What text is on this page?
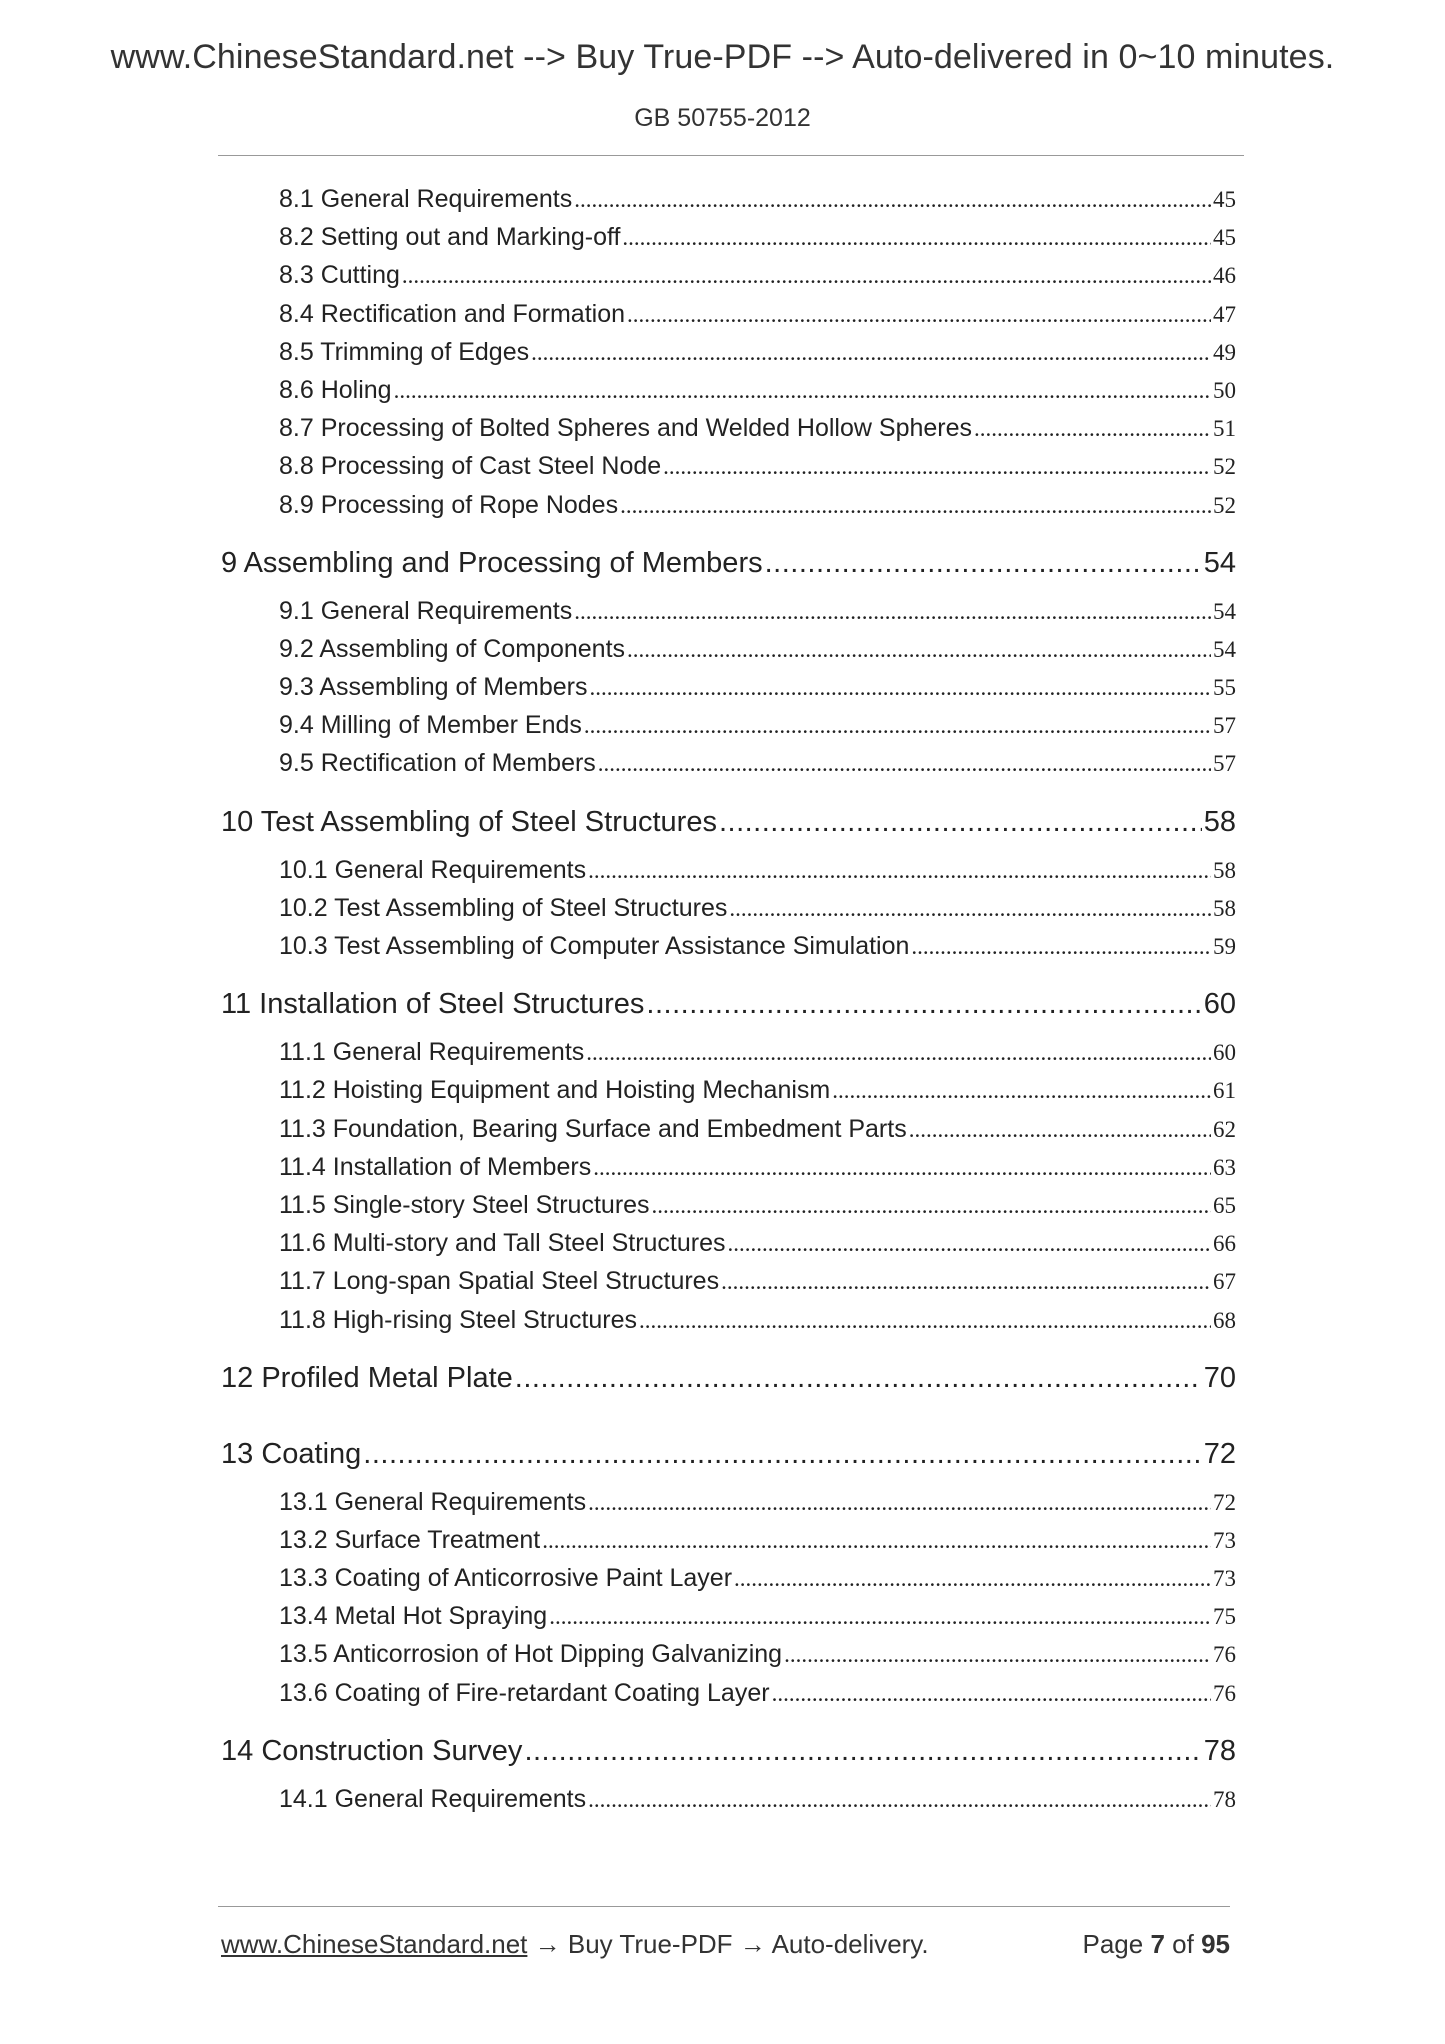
www.ChineseStandard.net --> Buy True-PDF --> Auto-delivered in 0~10 minutes.
GB 50755-2012
8.1 General Requirements .....	45
8.2 Setting out and Marking-off .....	45
8.3 Cutting .....	46
8.4 Rectification and Formation .....	47
8.5 Trimming of Edges .....	49
8.6 Holing .....	50
8.7 Processing of Bolted Spheres and Welded Hollow Spheres .....	51
8.8 Processing of Cast Steel Node .....	52
8.9 Processing of Rope Nodes .....	52
9 Assembling and Processing of Members .....	54
9.1 General Requirements .....	54
9.2 Assembling of Components .....	54
9.3 Assembling of Members .....	55
9.4 Milling of Member Ends .....	57
9.5 Rectification of Members .....	57
10 Test Assembling of Steel Structures .....	58
10.1 General Requirements .....	58
10.2 Test Assembling of Steel Structures .....	58
10.3 Test Assembling of Computer Assistance Simulation .....	59
11 Installation of Steel Structures .....	60
11.1 General Requirements .....	60
11.2 Hoisting Equipment and Hoisting Mechanism .....	61
11.3 Foundation, Bearing Surface and Embedment Parts .....	62
11.4 Installation of Members .....	63
11.5 Single-story Steel Structures .....	65
11.6 Multi-story and Tall Steel Structures .....	66
11.7 Long-span Spatial Steel Structures .....	67
11.8 High-rising Steel Structures .....	68
12 Profiled Metal Plate .....	70
13 Coating .....	72
13.1 General Requirements .....	72
13.2 Surface Treatment .....	73
13.3 Coating of Anticorrosive Paint Layer .....	73
13.4 Metal Hot Spraying .....	75
13.5 Anticorrosion of Hot Dipping Galvanizing .....	76
13.6 Coating of Fire-retardant Coating Layer .....	76
14 Construction Survey .....	78
14.1 General Requirements .....	78
www.ChineseStandard.net → Buy True-PDF → Auto-delivery.	Page 7 of 95
